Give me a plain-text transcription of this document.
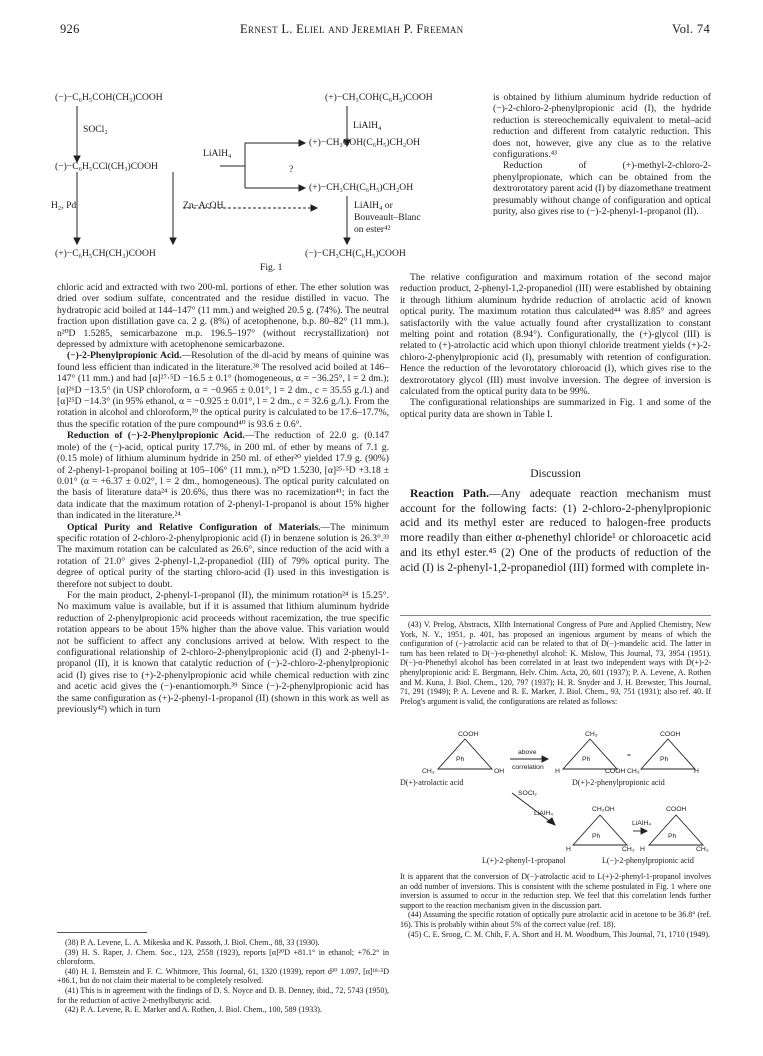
926	Ernest L. Eliel and Jeremiah P. Freeman	Vol. 74
(−)−C₆H₅COH(CH₃)COOH	(+)−CH₃COH(C₆H₅)COOH
SOCl₂	LiAlH₄
LiAlH₄
(−)−C₆H₅CCl(CH₃)COOH
(+)−CH₃COH(C₆H₅)CH₂OH
?
(+)−CH₃CH(C₆H₅)CH₂OH
H₂, Pd	Zn–AcOH	LiAlH₄ or
Bouveault–Blanc
on ester⁴²
(+)−C₆H₅CH(CH₃)COOH	(−)−CH₃CH(C₆H₅)COOH
Fig. 1

chloric acid and extracted with two 200-ml. portions of ether. The ether solution was dried over sodium sulfate, concentrated and the residue distilled in vacuo. The hydratropic acid boiled at 144–147° (11 mm.) and weighed 20.5 g. (74%). The neutral fraction upon distillation gave ca. 2 g. (8%) of acetophenone, b.p. 80–82° (11 mm.), n²⁰D 1.5285, semicarbazone m.p. 196.5–197° (without recrystallization) not depressed by admixture with acetophenone semicarbazone.

(−)-2-Phenylpropionic Acid.—Resolution of the dl-acid by means of quinine was found less efficient than indicated in the literature.³⁸ The resolved acid boiled at 146–147° (11 mm.) and had [α]²⁷·⁵D −16.5 ± 0.1° (homogeneous, α = −36.25°, l = 2 dm.); [α]²⁶D −13.5° (in USP chloroform, α = −0.965 ± 0.01°, l = 2 dm., c = 35.55 g./l.) and [α]²⁵D −14.3° (in 95% ethanol, α = −0.925 ± 0.01°, l = 2 dm., c = 32.6 g./l.). From the rotation in alcohol and chloroform,³⁹ the optical purity is calculated to be 17.6–17.7%, thus the specific rotation of the pure compound⁴⁰ is 93.6 ± 0.6°.

Reduction of (−)-2-Phenylpropionic Acid.—The reduction of 22.0 g. (0.147 mole) of the (−)-acid, optical purity 17.7%, in 200 ml. of ether by means of 7.1 g. (0.15 mole) of lithium aluminum hydride in 250 ml. of ether²⁰ yielded 17.9 g. (90%) of 2-phenyl-1-propanol boiling at 105–106° (11 mm.), n²⁰D 1.5230, [α]²⁵·⁵D +3.18 ± 0.01° (α = +6.37 ± 0.02°, l = 2 dm., homogeneous). The optical purity calculated on the basis of literature data²⁴ is 20.6%, thus there was no racemization⁴¹; in fact the data indicate that the maximum rotation of 2-phenyl-1-propanol is about 15% higher than indicated in the literature.²⁴

Optical Purity and Relative Configuration of Materials.—The minimum specific rotation of 2-chloro-2-phenylpropionic acid (I) in benzene solution is 26.3°.³³ The maximum rotation can be calculated as 26.6°, since reduction of the acid with a rotation of 21.0° gives 2-phenyl-1,2-propanediol (III) of 79% optical purity. The degree of optical purity of the starting chloro-acid (I) used in this investigation is therefore not subject to doubt.

For the main product, 2-phenyl-1-propanol (II), the minimum rotation²⁴ is 15.25°. No maximum value is available, but if it is assumed that lithium aluminum hydride reduction of 2-phenylpropionic acid proceeds without racemization, the true specific rotation appears to be about 15% higher than the above value. This variation would not be sufficient to affect any conclusions arrived at below. With respect to the configurational relationship of 2-chloro-2-phenylpropionic acid (I) and 2-phenyl-1-propanol (II), it is known that catalytic reduction of (−)-2-chloro-2-phenylpropionic acid (I) gives rise to (+)-2-phenylpropionic acid while chemical reduction with zinc and acetic acid gives the (−)-enantiomorph.³⁹ Since (−)-2-phenylpropionic acid has the same configuration as (+)-2-phenyl-1-propanol (II) (shown in this work as well as previously⁴²) which in turn

(38) P. A. Levene, L. A. Mikeska and K. Passoth, J. Biol. Chem., 88, 33 (1930).

(39) H. S. Raper, J. Chem. Soc., 123, 2558 (1923), reports [α]²⁰D +81.1° in ethanol; +76.2° in chloroform.

(40) H. I. Bernstein and F. C. Whitmore, This Journal, 61, 1320 (1939), report d²⁰ 1.097, [α]¹⁸·⁵D +86.1, but do not claim their material to be completely resolved.

(41) This is in agreement with the findings of D. S. Noyce and D. B. Denney, ibid., 72, 5743 (1950), for the reduction of active 2-methylbutyric acid.

(42) P. A. Levene, R. E. Marker and A. Rothen, J. Biol. Chem., 100, 589 (1933).

is obtained by lithium aluminum hydride reduction of (−)-2-chloro-2-phenylpropionic acid (I), the hydride reduction is stereochemically equivalent to metal–acid reduction and different from catalytic reduction. This does not, however, give any clue as to the relative configurations.⁴³

Reduction of (+)-methyl-2-chloro-2-phenylpropionate, which can be obtained from the dextrorotatory parent acid (I) by diazomethane treatment presumably without change of configuration and optical purity, also gives rise to (−)-2-phenyl-1-propanol (II).

The relative configuration and maximum rotation of the second major reduction product, 2-phenyl-1,2-propanediol (III) were established by obtaining it through lithium aluminum hydride reduction of atrolactic acid of known optical purity. The maximum rotation thus calculated⁴⁴ was 8.85° and agrees satisfactorily with the value actually found after crystallization to constant melting point and rotation (8.94°). Configurationally, the (+)-glycol (III) is related to (+)-atrolactic acid which upon thionyl chloride treatment yields (+)-2-chloro-2-phenylpropionic acid (I), presumably with retention of configuration. Hence the reduction of the levorotatory chloroacid (I), which gives rise to the dextrorotatory glycol (III) must involve inversion. The degree of inversion is calculated from the optical purity data to be 99%.

The configurational relationships are summarized in Fig. 1 and some of the optical purity data are shown in Table I.

Discussion

Reaction Path.—Any adequate reaction mechanism must account for the following facts: (1) 2-chloro-2-phenylpropionic acid and its methyl ester are reduced to halogen-free products more readily than either α-phenethyl chloride¹ or chloroacetic acid and its ethyl ester.⁴⁵ (2) One of the products of reduction of the acid (I) is 2-phenyl-1,2-propanediol (III) formed with complete in-

(43) V. Prelog, Abstracts, XIIth International Congress of Pure and Applied Chemistry, New York, N. Y., 1951, p. 401, has proposed an ingenious argument by means of which the configuration of (−)-atrolactic acid can be related to that of D(−)-mandelic acid. The latter in turn has been related to D(−)-α-phenethyl alcohol: K. Mislow, This Journal, 73, 3954 (1951). D(−)-α-Phenethyl alcohol has been correlated in at least two independent ways with D(+)-2-phenylpropionic acid: E. Bergmann, Helv. Chim. Acta, 20, 601 (1937); P. A. Levene, A. Rothen and M. Kuna, J. Biol. Chem., 120, 797 (1937); H. R. Snyder and J. H. Brewster, This Journal, 71, 291 (1949); P. A. Levene and R. E. Marker, J. Biol. Chem., 93, 751 (1931); also ref. 40. If Prelog's argument is valid, the configurations are related as follows:

COOH
Ph
CH₃	OH
above
correlation
CH₃
Ph
H	COOH
=
CH₃
COOH
Ph
H
SOCl₂
LiAlH₄
CH₂OH
Ph
H	CH₃
LiAlH₄
COOH
Ph
H	CH₃
D(+)-atrolactic acid	D(+)-2-phenylpropionic acid
L(+)-2-phenyl-1-propanol	L(−)-2-phenylpropionic acid

It is apparent that the conversion of D(−)-atrolactic acid to L(+)-2-phenyl-1-propanol involves an odd number of inversions. This is consistent with the scheme postulated in Fig. 1 where one inversion is assumed to occur in the reduction step. We feel that this correlation lends further support to the reaction mechanism given in the discussion part.

(44) Assuming the specific rotation of optically pure atrolactic acid in acetone to be 36.8° (ref. 16). This is probably within about 5% of the correct value (ref. 18).

(45) C. E. Sroog, C. M. Chih, F. A. Short and H. M. Woodburn, This Journal, 71, 1710 (1949).
